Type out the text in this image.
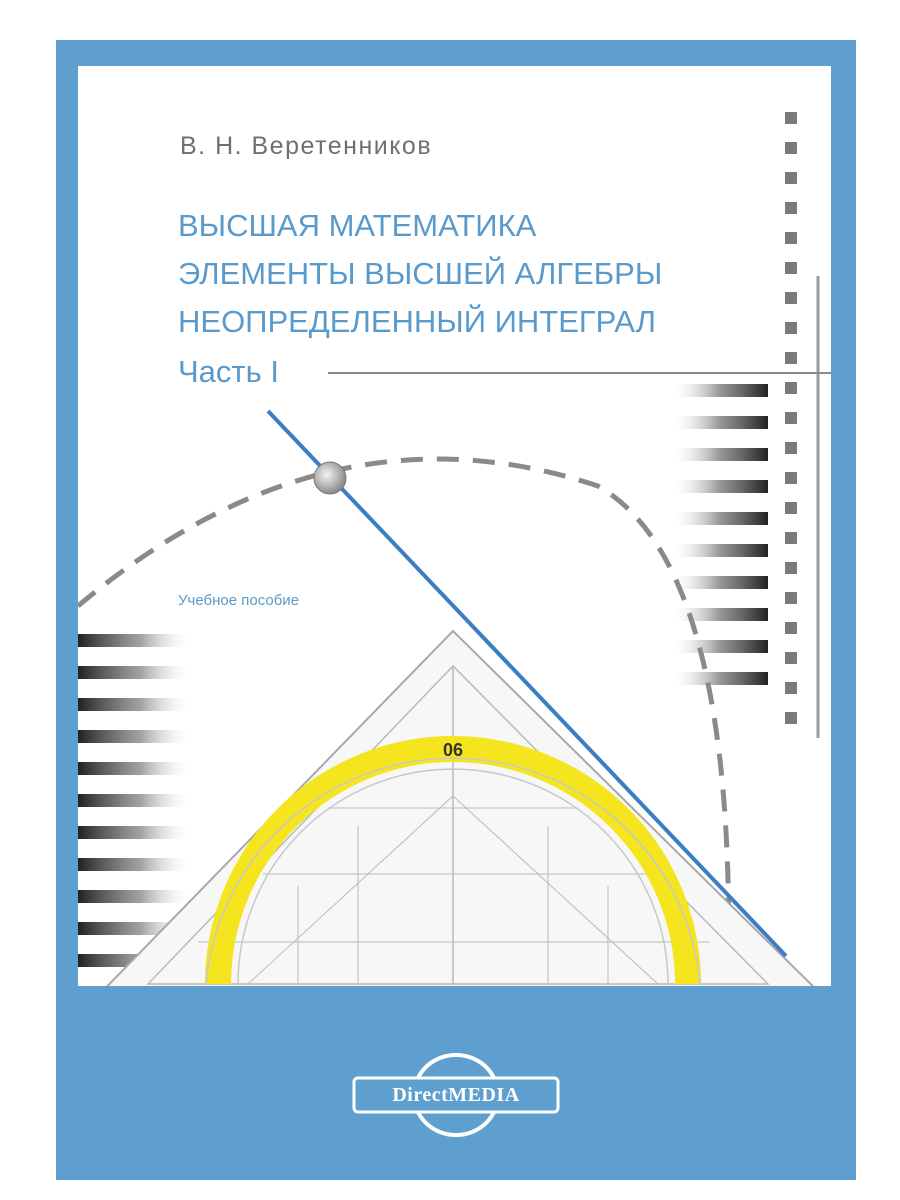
06
В. Н. Веретенников
ВЫСШАЯ МАТЕМАТИКА
ЭЛЕМЕНТЫ ВЫСШЕЙ АЛГЕБРЫ
НЕОПРЕДЕЛЕННЫЙ ИНТЕГРАЛ
Часть I
Учебное пособие
DirectMEDIA
